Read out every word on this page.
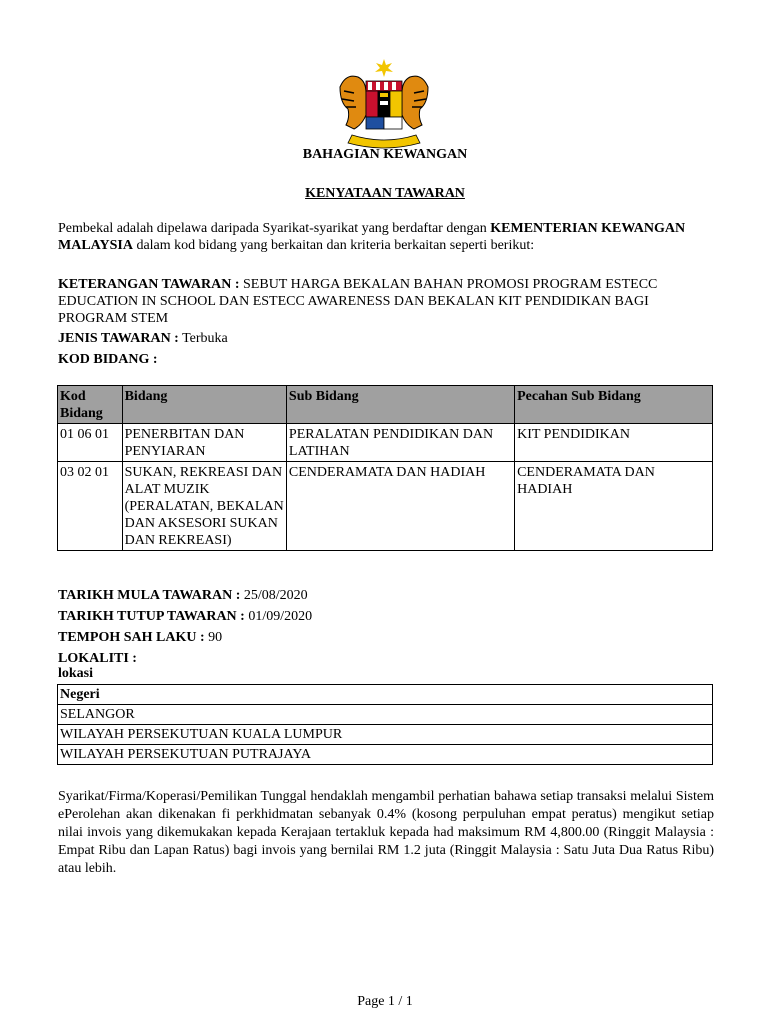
BAHAGIAN KEWANGAN
KENYATAAN TAWARAN
Pembekal adalah dipelawa daripada Syarikat-syarikat yang berdaftar dengan KEMENTERIAN KEWANGAN MALAYSIA dalam kod bidang yang berkaitan dan kriteria berkaitan seperti berikut:
KETERANGAN TAWARAN : SEBUT HARGA BEKALAN BAHAN PROMOSI PROGRAM ESTECC EDUCATION IN SCHOOL DAN ESTECC AWARENESS DAN BEKALAN KIT PENDIDIKAN BAGI PROGRAM STEM
JENIS TAWARAN : Terbuka
KOD BIDANG :
Kod Bidang	Bidang	Sub Bidang	Pecahan Sub Bidang
01 06 01	PENERBITAN DAN PENYIARAN	PERALATAN PENDIDIKAN DAN LATIHAN	KIT PENDIDIKAN
03 02 01	SUKAN, REKREASI DAN ALAT MUZIK (PERALATAN, BEKALAN DAN AKSESORI SUKAN DAN REKREASI)	CENDERAMATA DAN HADIAH	CENDERAMATA DAN HADIAH
TARIKH MULA TAWARAN : 25/08/2020
TARIKH TUTUP TAWARAN : 01/09/2020
TEMPOH SAH LAKU : 90
LOKALITI :
lokasi
Negeri
SELANGOR
WILAYAH PERSEKUTUAN KUALA LUMPUR
WILAYAH PERSEKUTUAN PUTRAJAYA
Syarikat/Firma/Koperasi/Pemilikan Tunggal hendaklah mengambil perhatian bahawa setiap transaksi melalui Sistem ePerolehan akan dikenakan fi perkhidmatan sebanyak 0.4% (kosong perpuluhan empat peratus) mengikut setiap nilai invois yang dikemukakan kepada Kerajaan tertakluk kepada had maksimum RM 4,800.00 (Ringgit Malaysia : Empat Ribu dan Lapan Ratus) bagi invois yang bernilai RM 1.2 juta (Ringgit Malaysia : Satu Juta Dua Ratus Ribu) atau lebih.
Page 1 / 1
